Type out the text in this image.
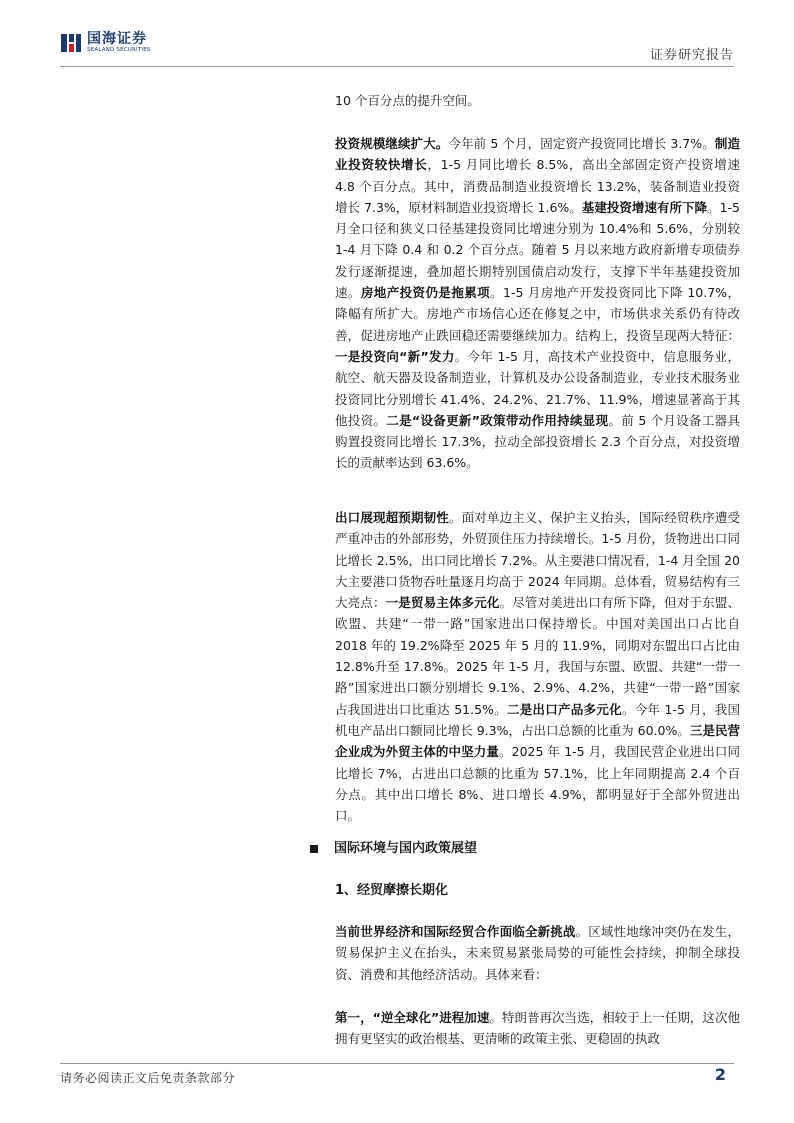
国海证券
SEALAND SECURITIES	证券研究报告

10 个百分点的提升空间。

投资规模继续扩大。今年前 5 个月，固定资产投资同比增长 3.7%。制造业投资较快增长，1-5 月同比增长 8.5%，高出全部固定资产投资增速 4.8 个百分点。其中，消费品制造业投资增长 13.2%，装备制造业投资增长 7.3%，原材料制造业投资增长 1.6%。基建投资增速有所下降。1-5 月全口径和狭义口径基建投资同比增速分别为 10.4%和 5.6%，分别较 1-4 月下降 0.4 和 0.2 个百分点。随着 5 月以来地方政府新增专项债券发行逐渐提速，叠加超长期特别国债启动发行，支撑下半年基建投资加速。房地产投资仍是拖累项。1-5 月房地产开发投资同比下降 10.7%，降幅有所扩大。房地产市场信心还在修复之中，市场供求关系仍有待改善，促进房地产止跌回稳还需要继续加力。结构上，投资呈现两大特征：一是投资向“新”发力。今年 1-5 月，高技术产业投资中，信息服务业，航空、航天器及设备制造业，计算机及办公设备制造业，专业技术服务业投资同比分别增长 41.4%、24.2%、21.7%、11.9%，增速显著高于其他投资。二是“设备更新”政策带动作用持续显现。前 5 个月设备工器具购置投资同比增长 17.3%，拉动全部投资增长 2.3 个百分点，对投资增长的贡献率达到 63.6%。

出口展现超预期韧性。面对单边主义、保护主义抬头，国际经贸秩序遭受严重冲击的外部形势，外贸顶住压力持续增长。1-5 月份，货物进出口同比增长 2.5%，出口同比增长 7.2%。从主要港口情况看，1-4 月全国 20 大主要港口货物吞吐量逐月均高于 2024 年同期。总体看，贸易结构有三大亮点：一是贸易主体多元化。尽管对美进出口有所下降，但对于东盟、欧盟、共建“一带一路”国家进出口保持增长。中国对美国出口占比自 2018 年的 19.2%降至 2025 年 5 月的 11.9%，同期对东盟出口占比由 12.8%升至 17.8%。2025 年 1-5 月，我国与东盟、欧盟、共建“一带一路”国家进出口额分别增长 9.1%、2.9%、4.2%，共建“一带一路”国家占我国进出口比重达 51.5%。二是出口产品多元化。今年 1-5 月，我国机电产品出口额同比增长 9.3%，占出口总额的比重为 60.0%。三是民营企业成为外贸主体的中坚力量。2025 年 1-5 月，我国民营企业进出口同比增长 7%，占进出口总额的比重为 57.1%，比上年同期提高 2.4 个百分点。其中出口增长 8%、进口增长 4.9%，都明显好于全部外贸进出口。

国际环境与国内政策展望
1、经贸摩擦长期化

当前世界经济和国际经贸合作面临全新挑战。区域性地缘冲突仍在发生，贸易保护主义在抬头，未来贸易紧张局势的可能性会持续，抑制全球投资、消费和其他经济活动。具体来看：

第一，“逆全球化”进程加速。特朗普再次当选，相较于上一任期，这次他拥有更坚实的政治根基、更清晰的政策主张、更稳固的执政

请务必阅读正文后免责条款部分	2
